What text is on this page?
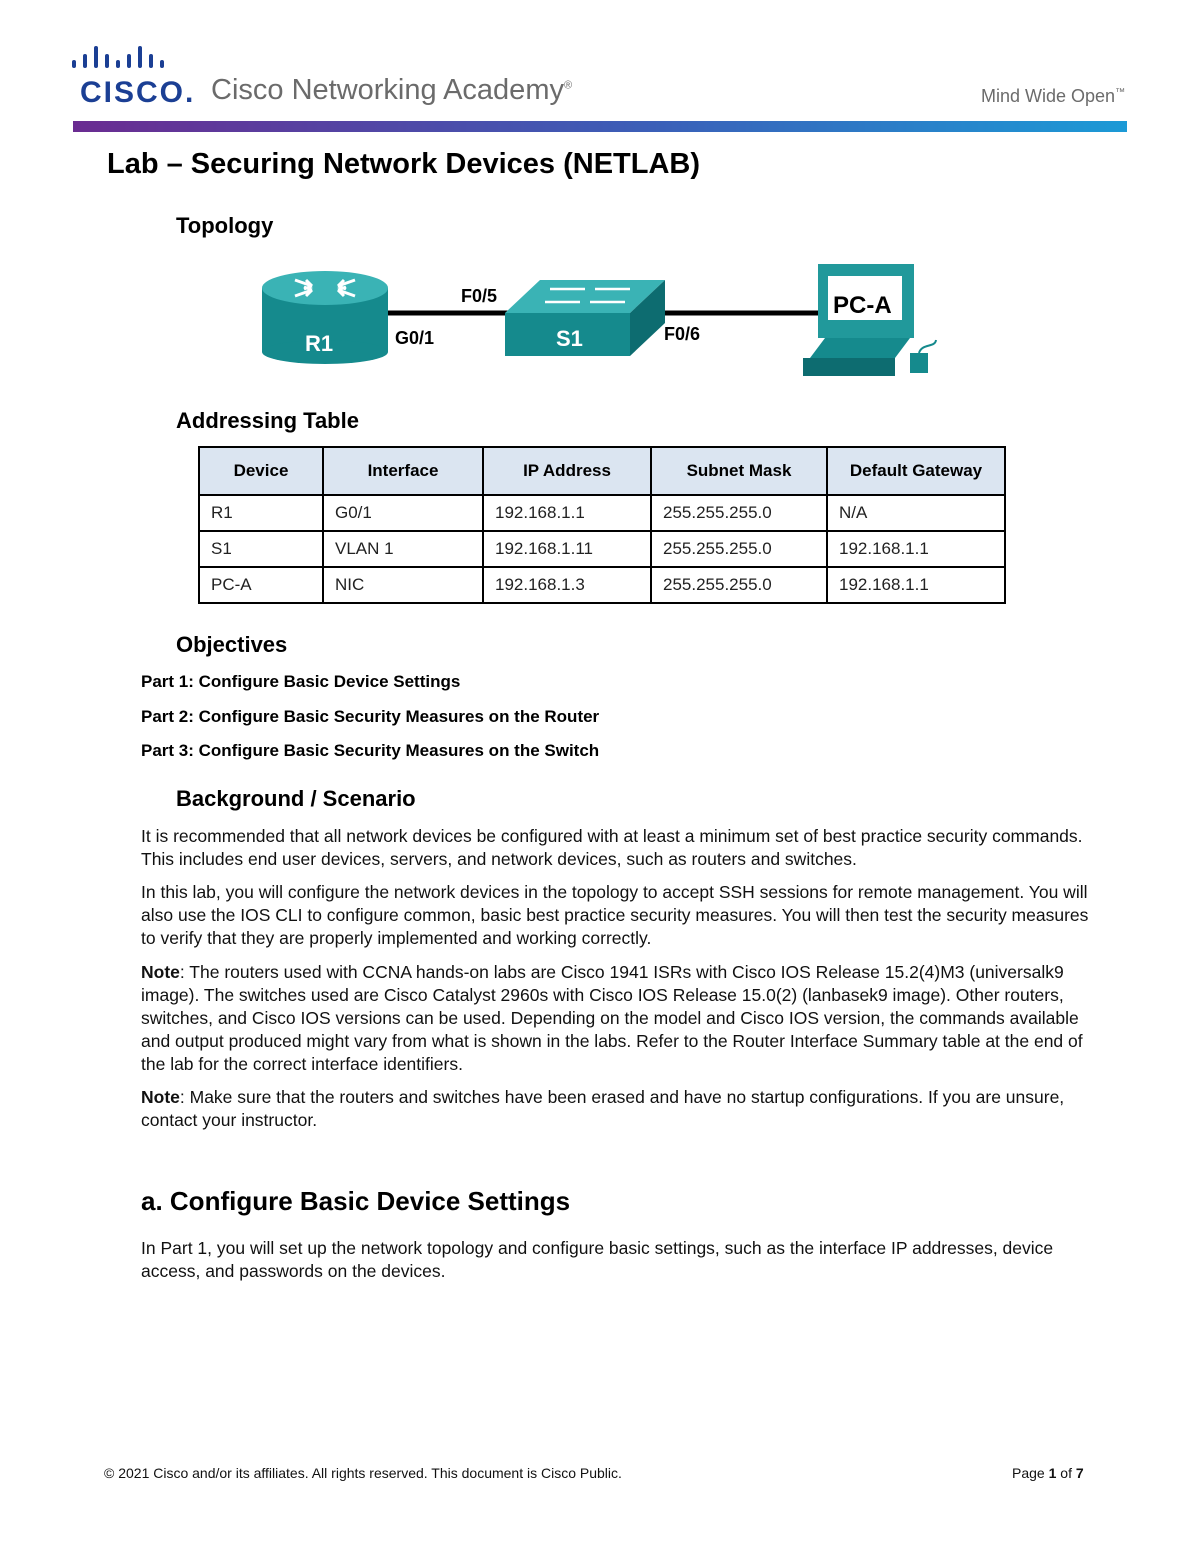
CISCO. Cisco Networking Academy®
Mind Wide Open™
Lab – Securing Network Devices (NETLAB)
Topology
R1	G0/1	S1
F0/5
F0/6
PC-A
Addressing Table
Device	Interface	IP Address	Subnet Mask	Default Gateway
R1	G0/1	192.168.1.1	255.255.255.0	N/A
S1	VLAN 1	192.168.1.11	255.255.255.0	192.168.1.1
PC-A	NIC	192.168.1.3	255.255.255.0	192.168.1.1
Objectives
Part 1: Configure Basic Device Settings
Part 2: Configure Basic Security Measures on the Router
Part 3: Configure Basic Security Measures on the Switch
Background / Scenario
It is recommended that all network devices be configured with at least a minimum set of best practice security commands. This includes end user devices, servers, and network devices, such as routers and switches.
In this lab, you will configure the network devices in the topology to accept SSH sessions for remote management. You will also use the IOS CLI to configure common, basic best practice security measures. You will then test the security measures to verify that they are properly implemented and working correctly.
Note: The routers used with CCNA hands-on labs are Cisco 1941 ISRs with Cisco IOS Release 15.2(4)M3 (universalk9 image). The switches used are Cisco Catalyst 2960s with Cisco IOS Release 15.0(2) (lanbasek9 image). Other routers, switches, and Cisco IOS versions can be used. Depending on the model and Cisco IOS version, the commands available and output produced might vary from what is shown in the labs. Refer to the Router Interface Summary table at the end of the lab for the correct interface identifiers.
Note: Make sure that the routers and switches have been erased and have no startup configurations. If you are unsure, contact your instructor.
a. Configure Basic Device Settings
In Part 1, you will set up the network topology and configure basic settings, such as the interface IP addresses, device access, and passwords on the devices.
© 2021 Cisco and/or its affiliates. All rights reserved. This document is Cisco Public.	Page 1 of 7
